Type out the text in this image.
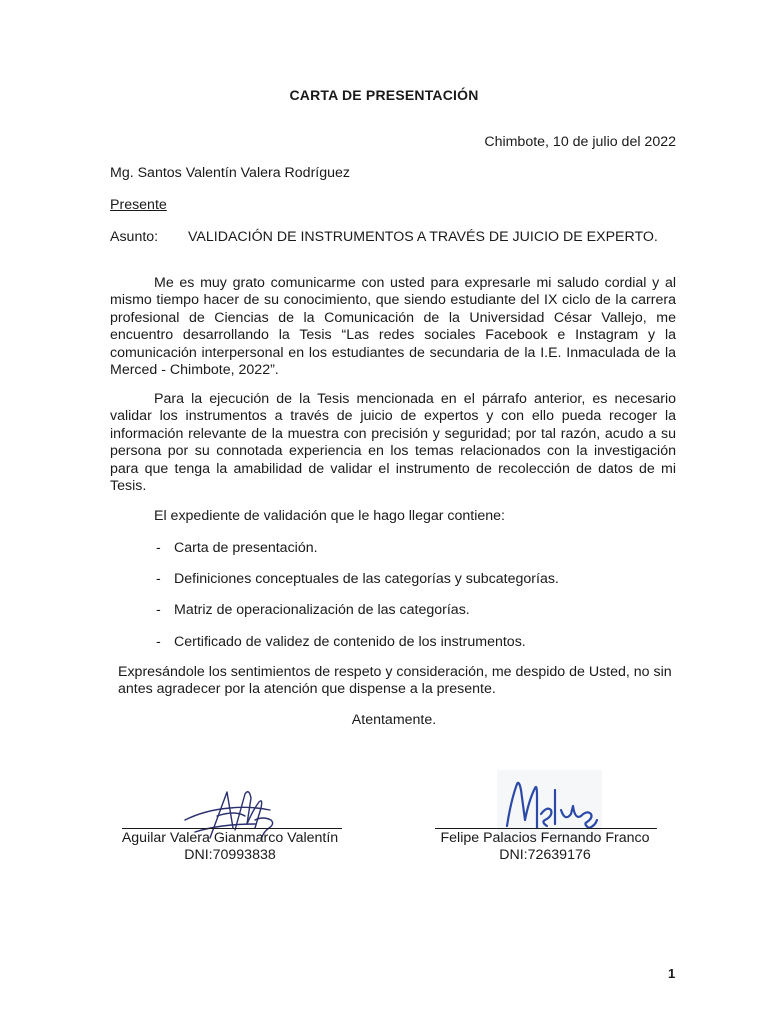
CARTA DE PRESENTACIÓN
Chimbote, 10 de julio del 2022
Mg. Santos Valentín Valera Rodríguez
Presente
Asunto: VALIDACIÓN DE INSTRUMENTOS A TRAVÉS DE JUICIO DE EXPERTO.
Me es muy grato comunicarme con usted para expresarle mi saludo cordial y al mismo tiempo hacer de su conocimiento, que siendo estudiante del IX ciclo de la carrera profesional de Ciencias de la Comunicación de la Universidad César Vallejo, me encuentro desarrollando la Tesis “Las redes sociales Facebook e Instagram y la comunicación interpersonal en los estudiantes de secundaria de la I.E. Inmaculada de la Merced - Chimbote, 2022”.
Para la ejecución de la Tesis mencionada en el párrafo anterior, es necesario validar los instrumentos a través de juicio de expertos y con ello pueda recoger la información relevante de la muestra con precisión y seguridad; por tal razón, acudo a su persona por su connotada experiencia en los temas relacionados con la investigación para que tenga la amabilidad de validar el instrumento de recolección de datos de mi Tesis.
El expediente de validación que le hago llegar contiene:
- Carta de presentación.
- Definiciones conceptuales de las categorías y subcategorías.
- Matriz de operacionalización de las categorías.
- Certificado de validez de contenido de los instrumentos.
Expresándole los sentimientos de respeto y consideración, me despido de Usted, no sin antes agradecer por la atención que dispense a la presente.
Atentamente.
Aguilar Valera Gianmarco Valentín
DNI:70993838
Felipe Palacios Fernando Franco
DNI:72639176
1
